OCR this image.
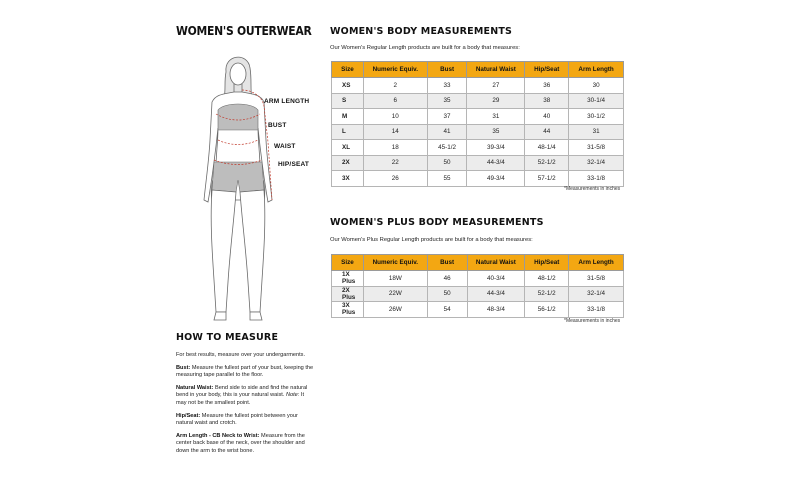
WOMEN'S OUTERWEAR
ARM LENGTH
BUST
WAIST
HIP/SEAT
HOW TO MEASURE

For best results, measure over your undergarments.

Bust: Measure the fullest part of your bust, keeping the measuring tape parallel to the floor.

Natural Waist: Bend side to side and find the natural bend in your body, this is your natural waist. Note: It may not be the smallest point.

Hip/Seat: Measure the fullest point between your natural waist and crotch.

Arm Length - CB Neck to Wrist: Measure from the center back base of the neck, over the shoulder and down the arm to the wrist bone.

WOMEN'S BODY MEASUREMENTS
Our Women's Regular Length products are built for a body that measures:
Size	Numeric Equiv.	Bust	Natural Waist	Hip/Seat	Arm Length
XS	2	33	27	36	30
S	6	35	29	38	30-1/4
M	10	37	31	40	30-1/2
L	14	41	35	44	31
XL	18	45-1/2	39-3/4	48-1/4	31-5/8
2X	22	50	44-3/4	52-1/2	32-1/4
3X	26	55	49-3/4	57-1/2	33-1/8
*Measurements in inches
WOMEN'S PLUS BODY MEASUREMENTS
Our Women's Plus Regular Length products are built for a body that measures:
Size	Numeric Equiv.	Bust	Natural Waist	Hip/Seat	Arm Length
1X Plus	18W	46	40-3/4	48-1/2	31-5/8
2X Plus	22W	50	44-3/4	52-1/2	32-1/4
3X Plus	26W	54	48-3/4	56-1/2	33-1/8
*Measurements in inches
